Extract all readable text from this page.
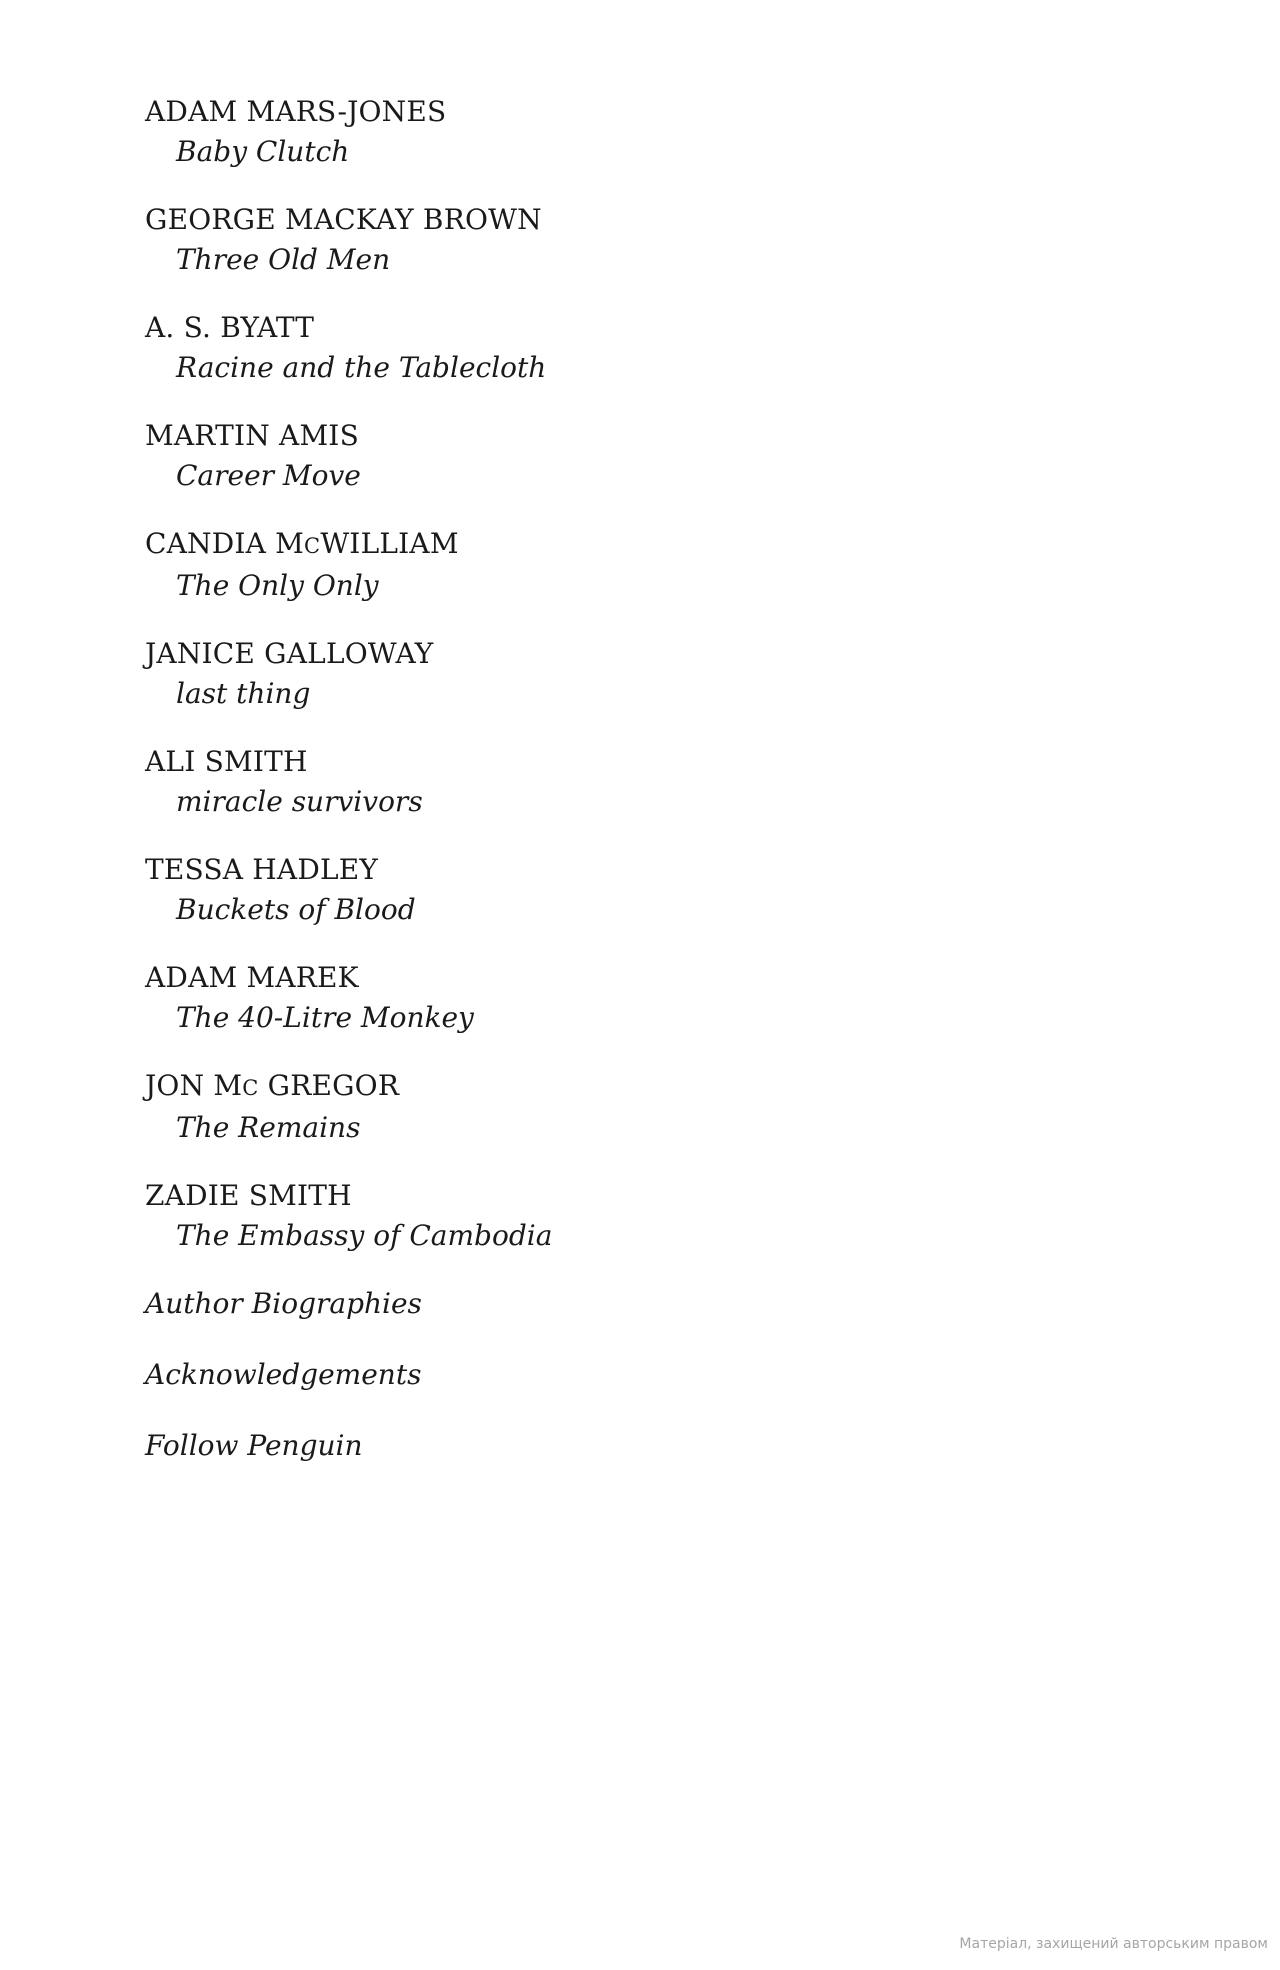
ADAM MARS-JONES
Baby Clutch
GEORGE MACKAY BROWN
Three Old Men
A. S. BYATT
Racine and the Tablecloth
MARTIN AMIS
Career Move
CANDIA MCWILLIAM
The Only Only
JANICE GALLOWAY
last thing
ALI SMITH
miracle survivors
TESSA HADLEY
Buckets of Blood
ADAM MAREK
The 40-Litre Monkey
JON MC GREGOR
The Remains
ZADIE SMITH
The Embassy of Cambodia
Author Biographies
Acknowledgements
Follow Penguin
Матеріал, захищений авторським правом
